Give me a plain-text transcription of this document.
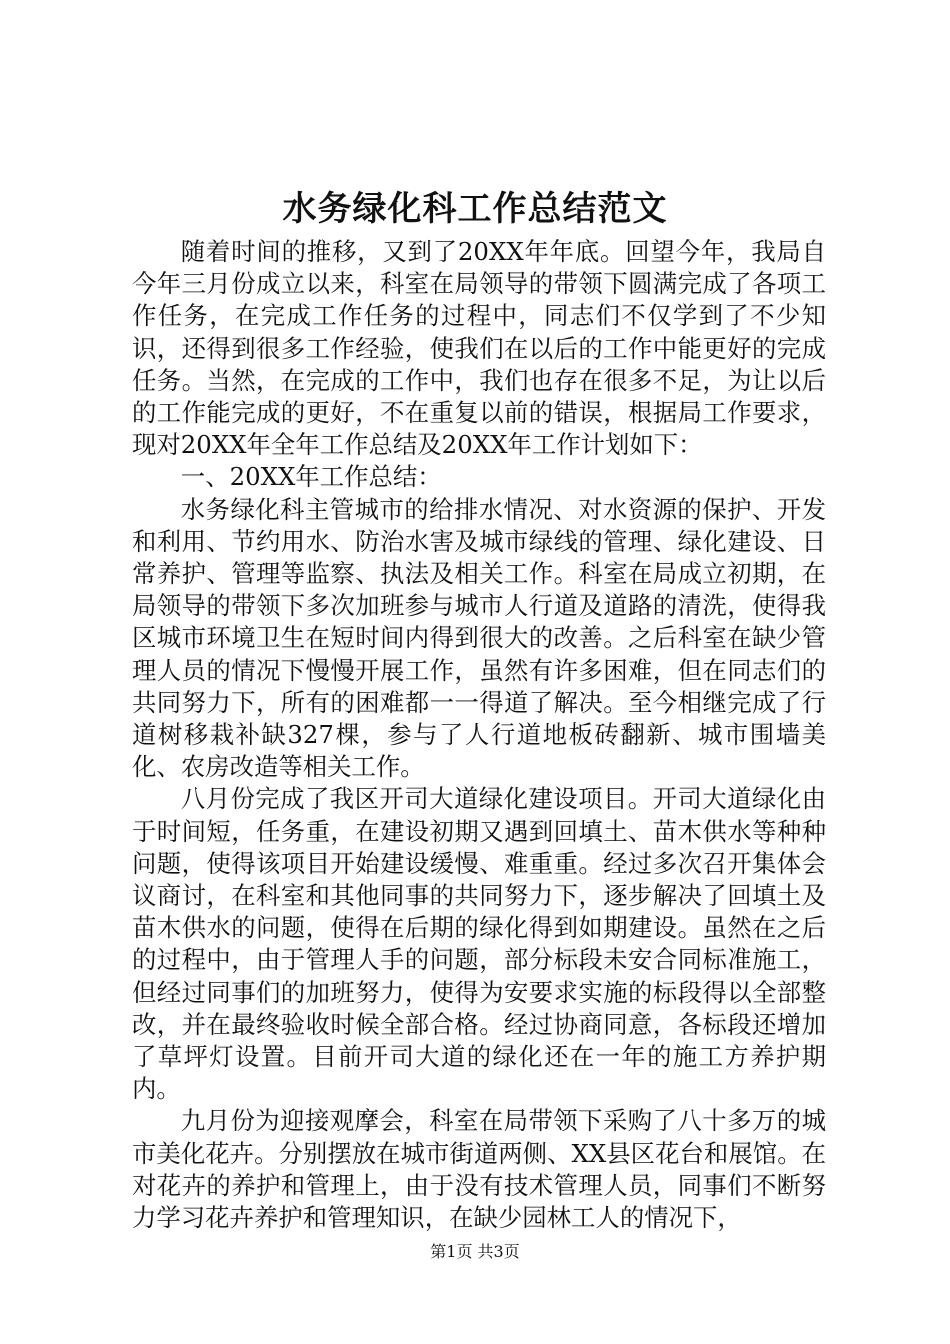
水务绿化科工作总结范文

随着时间的推移，又到了20XX年年底。回望今年，我局自今年三月份成立以来，科室在局领导的带领下圆满完成了各项工作任务，在完成工作任务的过程中，同志们不仅学到了不少知识，还得到很多工作经验，使我们在以后的工作中能更好的完成任务。当然，在完成的工作中，我们也存在很多不足，为让以后的工作能完成的更好，不在重复以前的错误，根据局工作要求，现对20XX年全年工作总结及20XX年工作计划如下：

一、20XX年工作总结：

水务绿化科主管城市的给排水情况、对水资源的保护、开发和利用、节约用水、防治水害及城市绿线的管理、绿化建设、日常养护、管理等监察、执法及相关工作。科室在局成立初期，在局领导的带领下多次加班参与城市人行道及道路的清洗，使得我区城市环境卫生在短时间内得到很大的改善。之后科室在缺少管理人员的情况下慢慢开展工作，虽然有许多困难，但在同志们的共同努力下，所有的困难都一一得道了解决。至今相继完成了行道树移栽补缺327棵，参与了人行道地板砖翻新、城市围墙美化、农房改造等相关工作。

八月份完成了我区开司大道绿化建设项目。开司大道绿化由于时间短，任务重，在建设初期又遇到回填土、苗木供水等种种问题，使得该项目开始建设缓慢、难重重。经过多次召开集体会议商讨，在科室和其他同事的共同努力下，逐步解决了回填土及苗木供水的问题，使得在后期的绿化得到如期建设。虽然在之后的过程中，由于管理人手的问题，部分标段未安合同标准施工，但经过同事们的加班努力，使得为安要求实施的标段得以全部整改，并在最终验收时候全部合格。经过协商同意，各标段还增加了草坪灯设置。目前开司大道的绿化还在一年的施工方养护期内。

九月份为迎接观摩会，科室在局带领下采购了八十多万的城市美化花卉。分别摆放在城市街道两侧、XX县区花台和展馆。在对花卉的养护和管理上，由于没有技术管理人员，同事们不断努力学习花卉养护和管理知识，在缺少园林工人的情况下，

第1页 共3页
